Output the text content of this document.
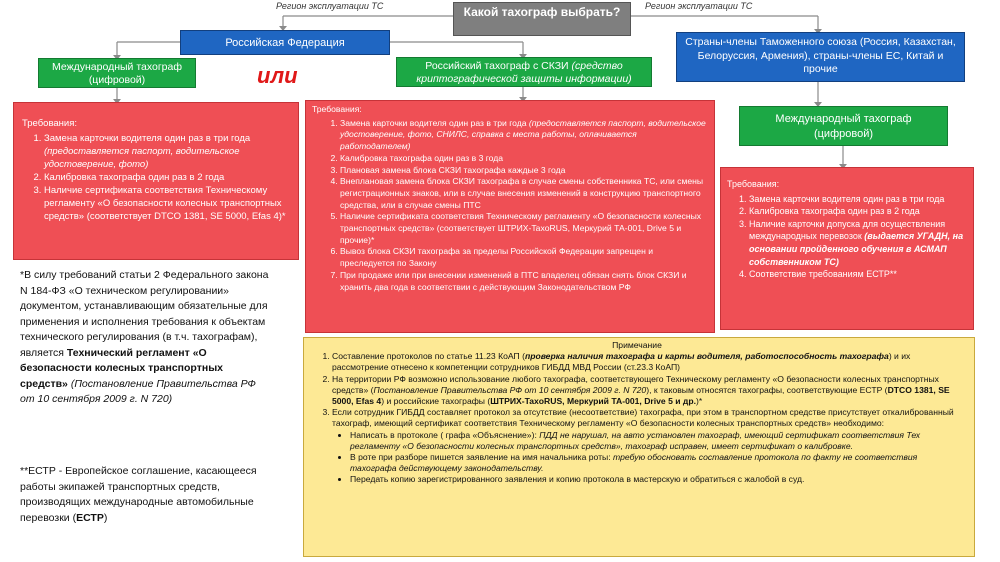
Регион эксплуатации ТС	Регион эксплуатации ТС
Какой тахограф выбрать?
Российская Федерация	Страны-члены Таможенного союза (Россия, Казахстан, Белоруссия, Армения), страны-члены ЕС, Китай и прочие
Международный тахограф (цифровой)	или	Российский тахограф с СКЗИ (средство криптографической защиты информации)
Международный тахограф (цифровой)
Требования:
1. Замена карточки водителя один раз в три года (предоставляется паспорт, водительское удостоверение, фото)
2. Калибровка тахографа один раз в 2 года
3. Наличие сертификата соответствия Техническому регламенту «О безопасности колесных транспортных средств» (соответствует DTCO 1381, SE 5000, Efas 4)*
Требования:
1. Замена карточки водителя один раз в три года (предоставляется паспорт, водительское удостоверение, фото, СНИЛС, справка с места работы, оплачивается работодателем)
2. Калибровка тахографа один раз в 3 года
3. Плановая замена блока СКЗИ тахографа каждые 3 года
4. Внеплановая замена блока СКЗИ тахографа в случае смены собственника ТС, или смены регистрационных знаков, или в случае внесения изменений в конструкцию транспортного средства, или в случае смены ПТС
5. Наличие сертификата соответствия Техническому регламенту «О безопасности колесных транспортных средств» (соответствует ШТРИХ-TaxoRUS, Меркурий ТА-001, Drive 5 и прочие)*
6. Вывоз блока СКЗИ тахографа за пределы Российской Федерации запрещен и преследуется по Закону
7. При продаже или при внесении изменений в ПТС владелец обязан снять блок СКЗИ и хранить два года в соответствии с действующим Законодательством РФ
Требования:
1. Замена карточки водителя один раз в три года
2. Калибровка тахографа один раз в 2 года
3. Наличие карточки допуска для осуществления международных перевозок (выдается УГАДН, на основании пройденного обучения в АСМАП собственником ТС)
4. Соответствие требованиям ЕСТР**
*В силу требований статьи 2 Федерального закона N 184-ФЗ «О техническом регулировании» документом, устанавливающим обязательные для применения и исполнения требования к объектам технического регулирования (в т.ч. тахографам), является Технический регламент «О безопасности колесных транспортных средств» (Постановление Правительства РФ от 10 сентября 2009 г. N 720)
**ЕСТР - Европейское соглашение, касающееся работы экипажей транспортных средств, производящих международные автомобильные перевозки (ЕСТР)
Примечание
1. Составление протоколов по статье 11.23 КоАП (проверка наличия тахографа и карты водителя, работоспособность тахографа) и их рассмотрение отнесено к компетенции сотрудников ГИБДД МВД России (ст.23.3 КоАП)
2. На территории РФ возможно использование любого тахографа, соответствующего Техническому регламенту «О безопасности колесных транспортных средств» (Постановление Правительства РФ от 10 сентября 2009 г. N 720), к таковым относятся тахографы, соответствующие ЕСТР (DTCO 1381, SE 5000, Efas 4) и российские тахографы (ШТРИХ-TaxoRUS, Меркурий ТА-001, Drive 5 и др.)*
3. Если сотрудник ГИБДД составляет протокол за отсутствие (несоответствие) тахографа, при этом в транспортном средстве присутствует откалиброванный тахограф, имеющий сертификат соответствия Техническому регламенту «О безопасности колесных транспортных средств» необходимо:
• Написать в протоколе ( графа «Объяснение»): ПДД не нарушал, на авто установлен тахограф, имеющий сертификат соответствия Тех регламенту «О безопасности колесных транспортных средств», тахограф исправен, имеет сертификат о калибровке.
• В роте при разборе пишется заявление на имя начальника роты: требую обосновать составление протокола по факту не соответствия тахографа действующему законодательству.
• Передать копию зарегистрированного заявления и копию протокола в мастерскую и обратиться с жалобой в суд.
